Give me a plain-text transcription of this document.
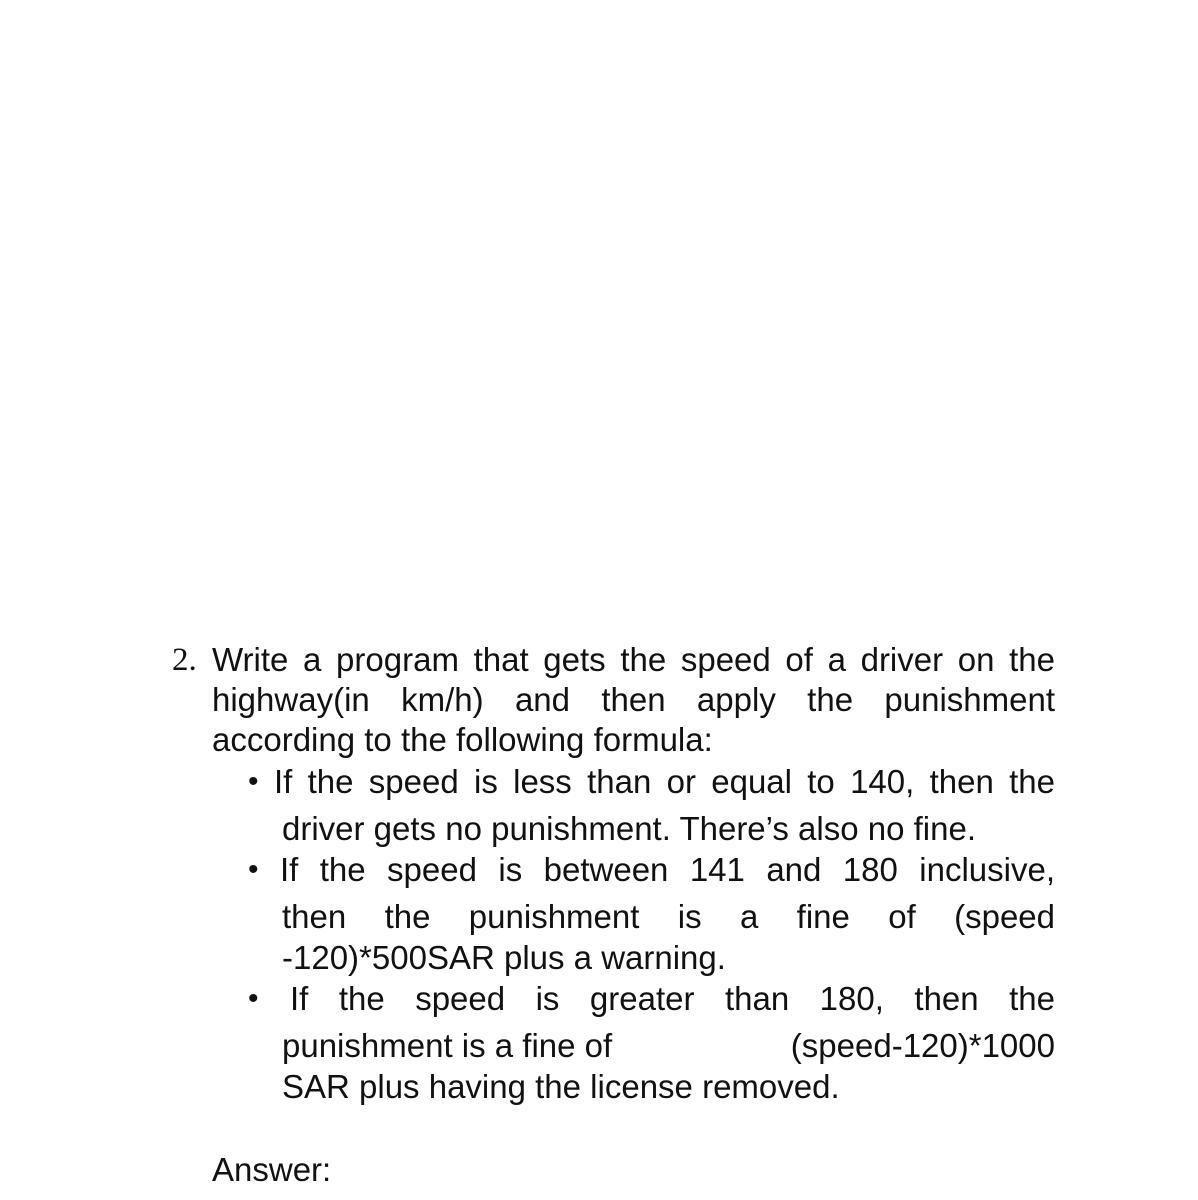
2. Write a program that gets the speed of a driver on the
highway(in km/h) and then apply the punishment
according to the following formula:
• If the speed is less than or equal to 140, then the
driver gets no punishment. There’s also no fine.
• If the speed is between 141 and 180 inclusive,
then the punishment is a fine of (speed
-120)*500SAR plus a warning.
• If the speed is greater than 180, then the
punishment is a fine of	(speed-120)*1000
SAR plus having the license removed.
Answer:
